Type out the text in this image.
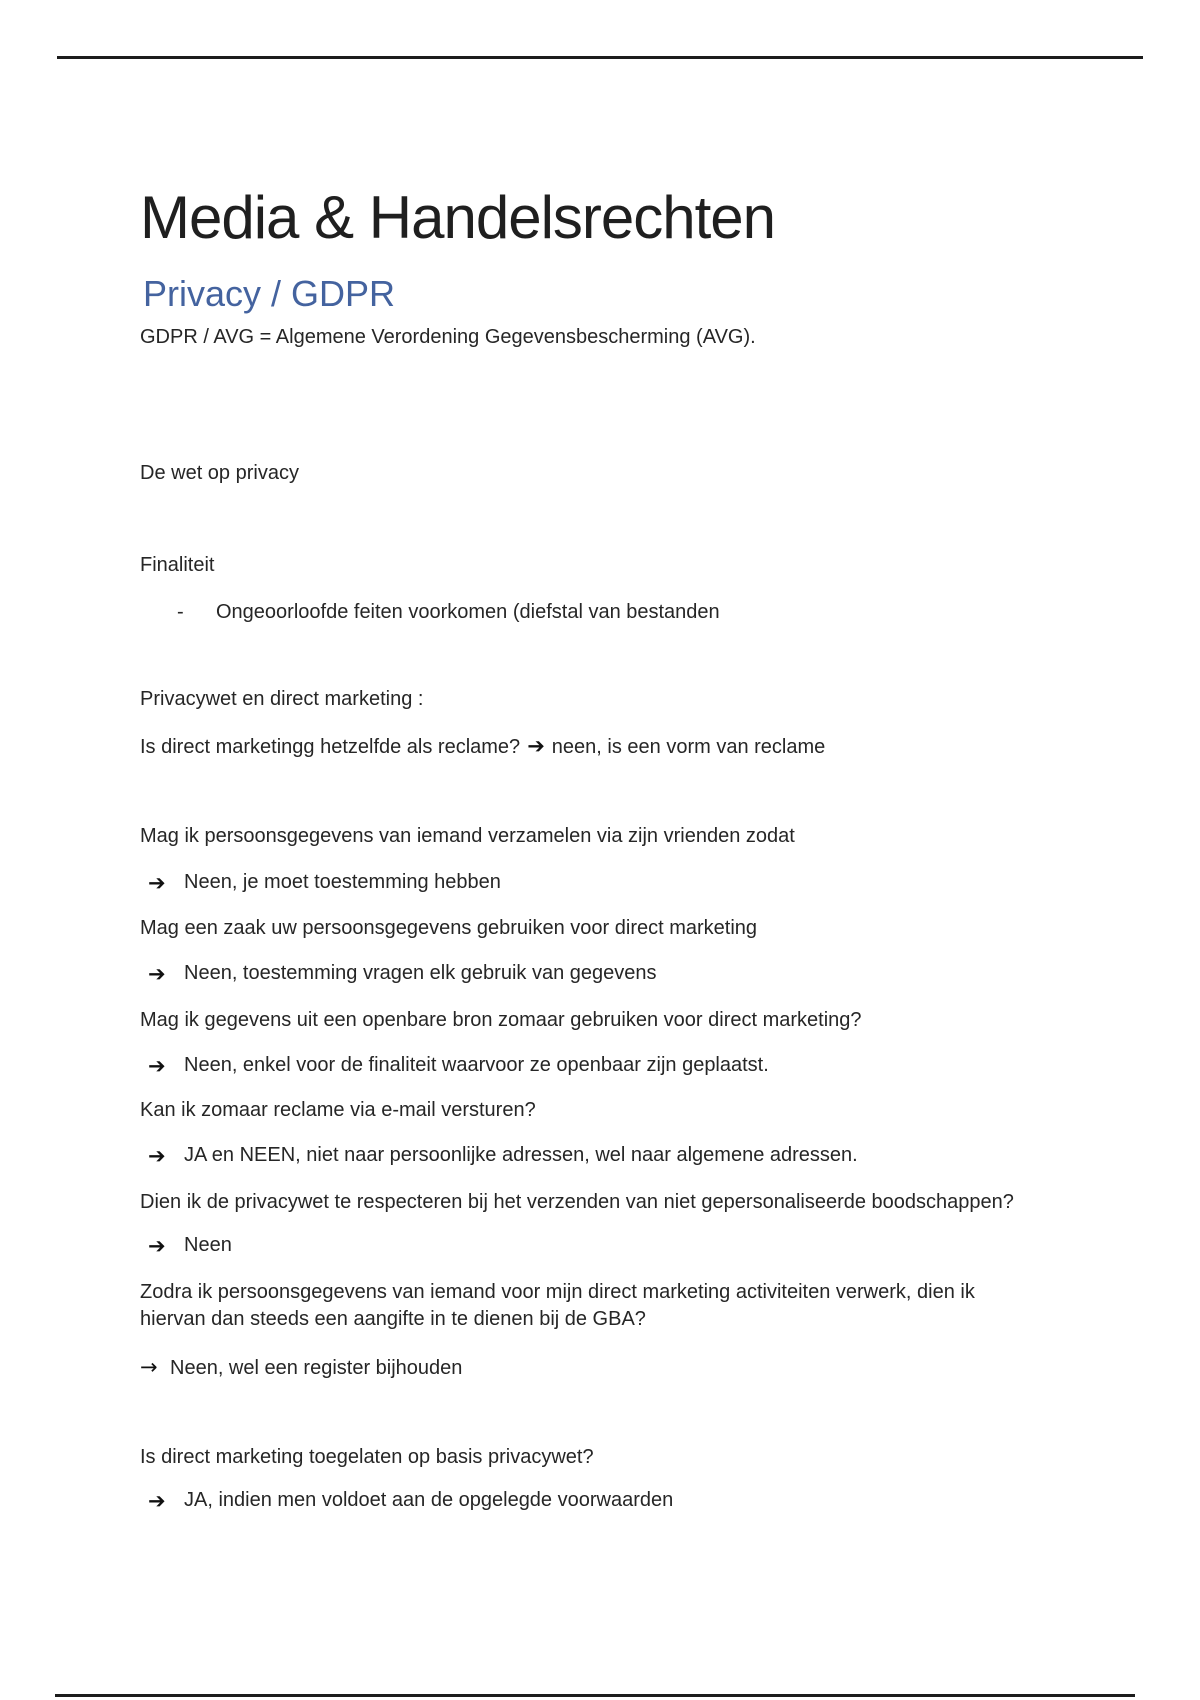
Media & Handelsrechten
Privacy / GDPR
GDPR / AVG = Algemene Verordening Gegevensbescherming (AVG).
De wet op privacy
Finaliteit
- Ongeoorloofde feiten voorkomen (diefstal van bestanden
Privacywet en direct marketing :
Is direct marketingg hetzelfde als reclame? ➔ neen, is een vorm van reclame
Mag ik persoonsgegevens van iemand verzamelen via zijn vrienden zodat
➔ Neen, je moet toestemming hebben
Mag een zaak uw persoonsgegevens gebruiken voor direct marketing
➔ Neen, toestemming vragen elk gebruik van gegevens
Mag ik gegevens uit een openbare bron zomaar gebruiken voor direct marketing?
➔ Neen, enkel voor de finaliteit waarvoor ze openbaar zijn geplaatst.
Kan ik zomaar reclame via e-mail versturen?
➔ JA en NEEN, niet naar persoonlijke adressen, wel naar algemene adressen.
Dien ik de privacywet te respecteren bij het verzenden van niet gepersonaliseerde boodschappen?
➔ Neen
Zodra ik persoonsgegevens van iemand voor mijn direct marketing activiteiten verwerk, dien ik hiervan dan steeds een aangifte in te dienen bij de GBA?
→ Neen, wel een register bijhouden
Is direct marketing toegelaten op basis privacywet?
➔ JA, indien men voldoet aan de opgelegde voorwaarden
